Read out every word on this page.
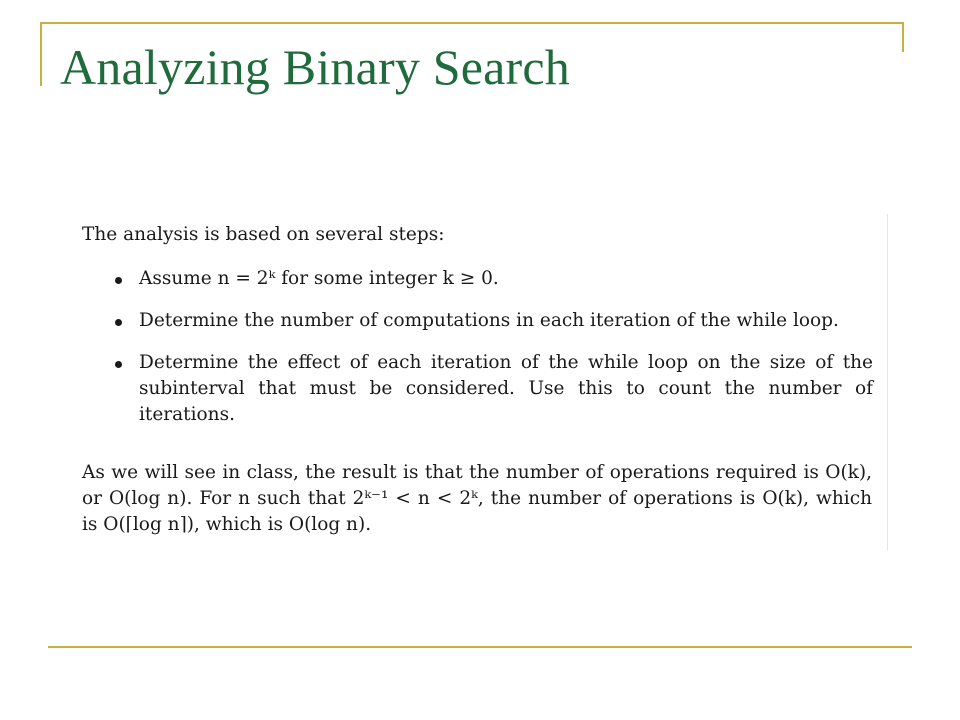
Analyzing Binary Search
The analysis is based on several steps:
Assume n = 2ᵏ for some integer k ≥ 0.
Determine the number of computations in each iteration of the while loop.
Determine the effect of each iteration of the while loop on the size of the subinterval that must be considered. Use this to count the number of iterations.
As we will see in class, the result is that the number of operations required is O(k), or O(log n). For n such that 2ᵏ⁻¹ < n < 2ᵏ, the number of operations is O(k), which is O(⌈log n⌉), which is O(log n).
